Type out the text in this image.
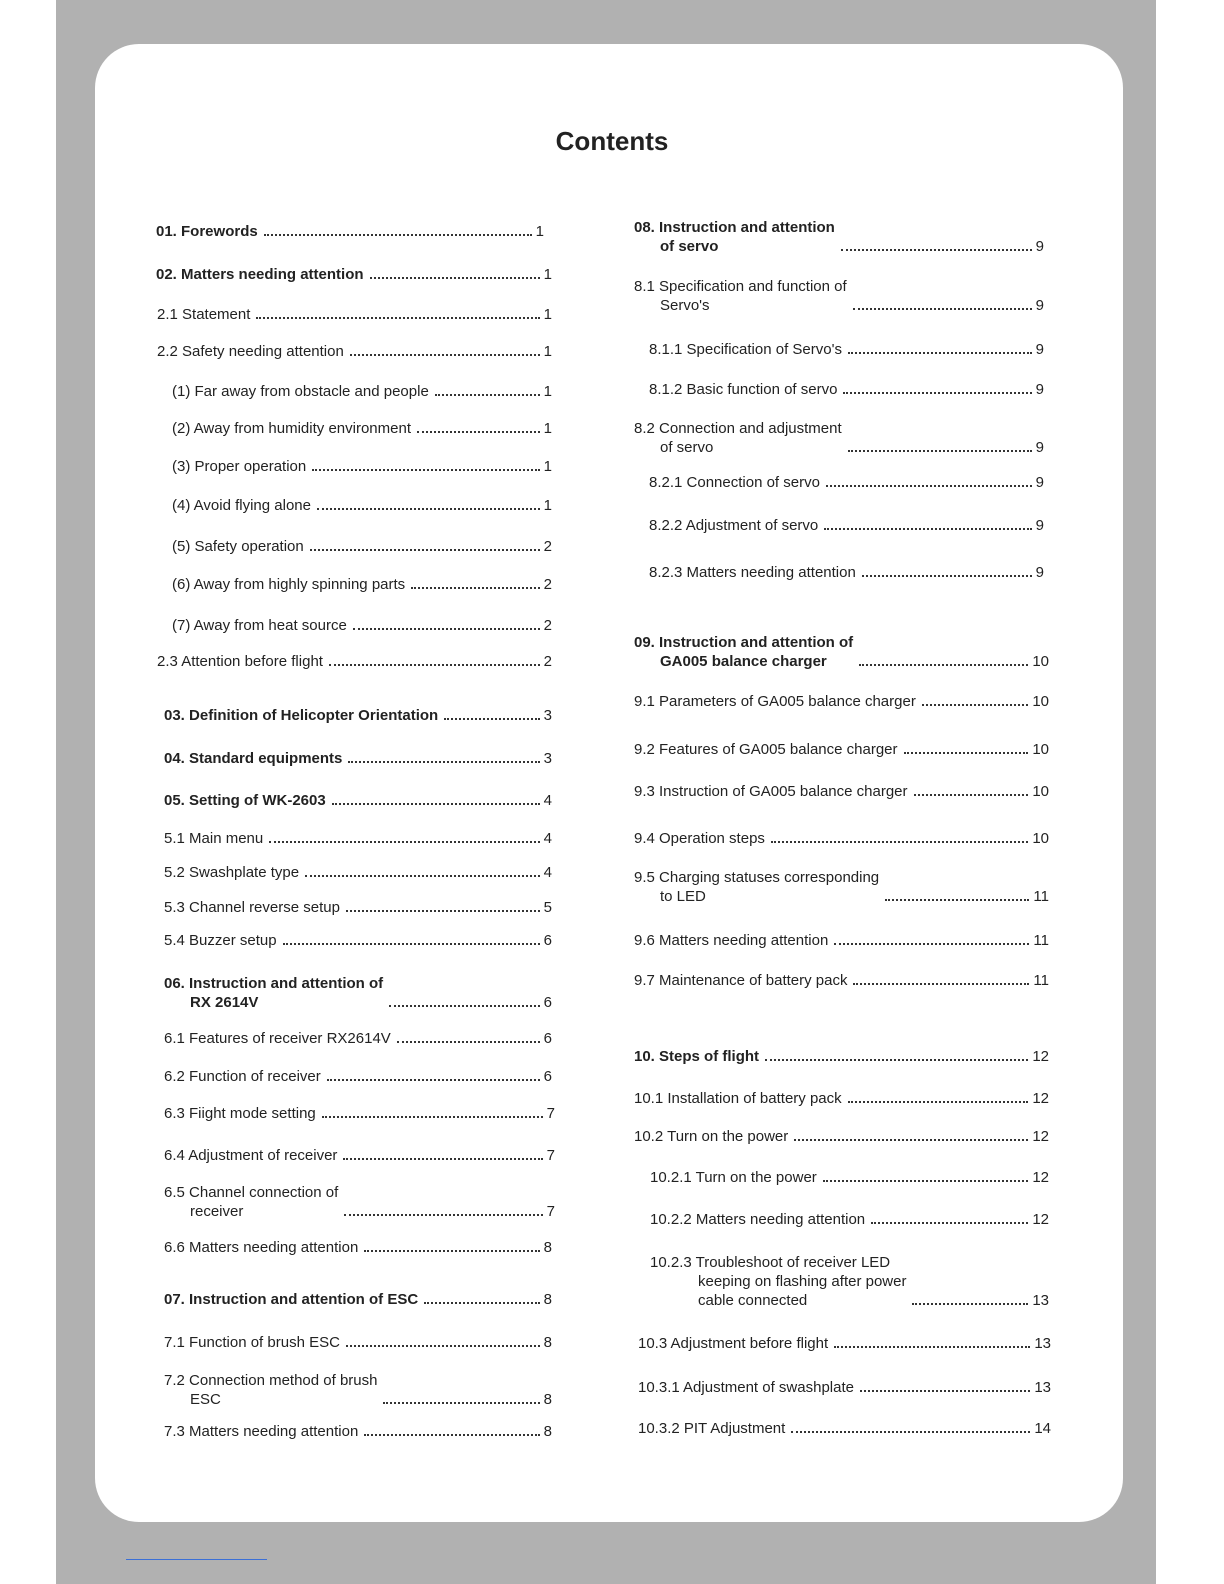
Contents
01. Forewords	1
02. Matters needing attention	1
2.1 Statement	1
2.2 Safety needing attention	1
(1) Far away from obstacle and people	1
(2) Away from humidity environment	1
(3) Proper operation	1
(4) Avoid flying alone	1
(5) Safety operation	2
(6) Away from highly spinning parts	2
(7) Away from heat source	2
2.3 Attention before flight	2
03. Definition of Helicopter Orientation	3
04. Standard equipments	3
05. Setting of WK-2603	4
5.1 Main menu	4
5.2 Swashplate type	4
5.3 Channel reverse setup	5
5.4 Buzzer setup	6
06. Instruction and attention of
RX 2614V	6
6.1 Features of receiver RX2614V	6
6.2 Function of receiver	6
6.3 Fiight mode setting	7
6.4 Adjustment of receiver	7
6.5 Channel connection of
receiver	7
6.6 Matters needing attention	8
07. Instruction and attention of ESC	8
7.1 Function of brush ESC	8
7.2 Connection method of brush
ESC	8
7.3 Matters needing attention	8
08. Instruction and attention
of servo	9
8.1 Specification and function of
Servo's	9
8.1.1 Specification of Servo's	9
8.1.2 Basic function of servo	9
8.2 Connection and adjustment
of servo	9
8.2.1 Connection of servo	9
8.2.2 Adjustment of servo	9
8.2.3 Matters needing attention	9
09. Instruction and attention of
GA005 balance charger	10
9.1 Parameters of GA005 balance charger	10
9.2 Features of GA005 balance charger	10
9.3 Instruction of GA005 balance charger	10
9.4 Operation steps	10
9.5 Charging statuses corresponding
to LED	11
9.6 Matters needing attention	11
9.7 Maintenance of battery pack	11
10. Steps of flight	12
10.1 Installation of battery pack	12
10.2 Turn on the power	12
10.2.1 Turn on the power	12
10.2.2 Matters needing attention	12
10.2.3 Troubleshoot of receiver LED
keeping on flashing after power
cable connected	13
10.3 Adjustment before flight	13
10.3.1 Adjustment of swashplate	13
10.3.2 PIT Adjustment	14
